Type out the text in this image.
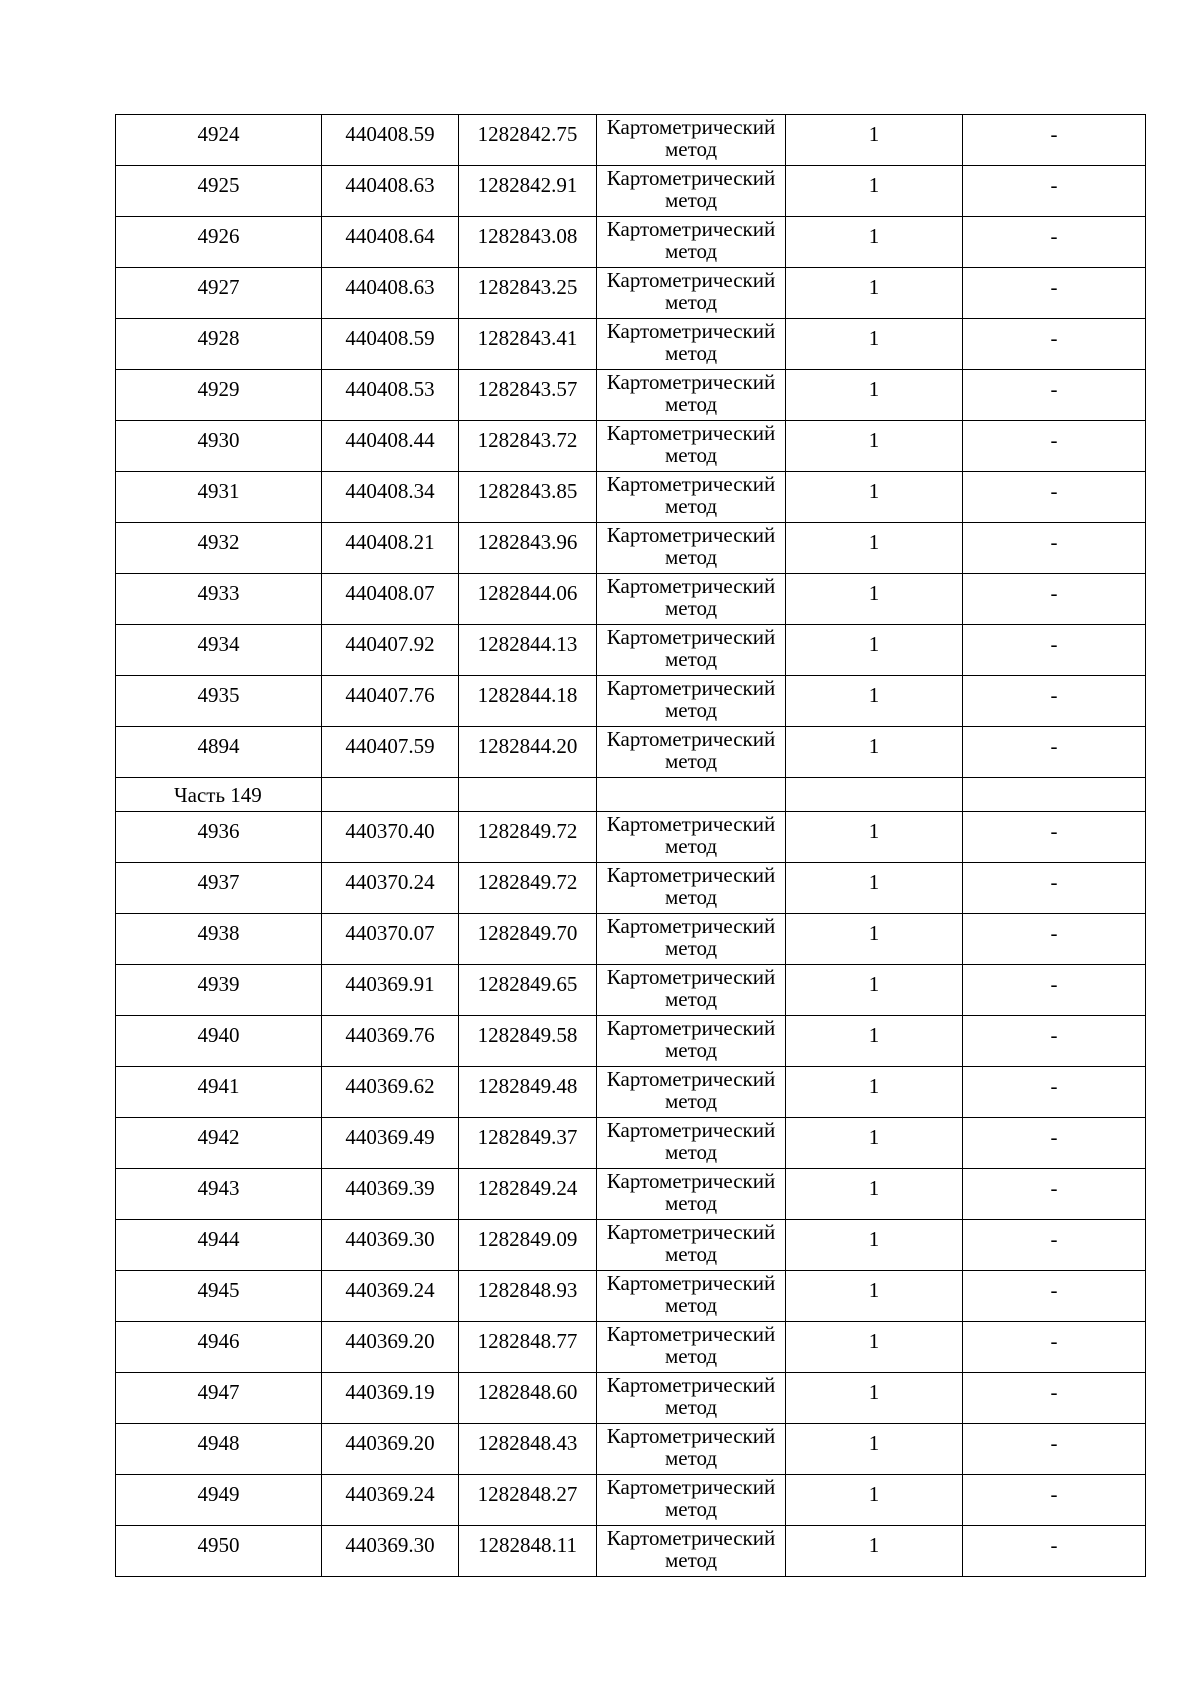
4924	440408.59	1282842.75	Картометрический
метод	1	-
4925	440408.63	1282842.91	Картометрический
метод	1	-
4926	440408.64	1282843.08	Картометрический
метод	1	-
4927	440408.63	1282843.25	Картометрический
метод	1	-
4928	440408.59	1282843.41	Картометрический
метод	1	-
4929	440408.53	1282843.57	Картометрический
метод	1	-
4930	440408.44	1282843.72	Картометрический
метод	1	-
4931	440408.34	1282843.85	Картометрический
метод	1	-
4932	440408.21	1282843.96	Картометрический
метод	1	-
4933	440408.07	1282844.06	Картометрический
метод	1	-
4934	440407.92	1282844.13	Картометрический
метод	1	-
4935	440407.76	1282844.18	Картометрический
метод	1	-
4894	440407.59	1282844.20	Картометрический
метод	1	-
Часть 149					
4936	440370.40	1282849.72	Картометрический
метод	1	-
4937	440370.24	1282849.72	Картометрический
метод	1	-
4938	440370.07	1282849.70	Картометрический
метод	1	-
4939	440369.91	1282849.65	Картометрический
метод	1	-
4940	440369.76	1282849.58	Картометрический
метод	1	-
4941	440369.62	1282849.48	Картометрический
метод	1	-
4942	440369.49	1282849.37	Картометрический
метод	1	-
4943	440369.39	1282849.24	Картометрический
метод	1	-
4944	440369.30	1282849.09	Картометрический
метод	1	-
4945	440369.24	1282848.93	Картометрический
метод	1	-
4946	440369.20	1282848.77	Картометрический
метод	1	-
4947	440369.19	1282848.60	Картометрический
метод	1	-
4948	440369.20	1282848.43	Картометрический
метод	1	-
4949	440369.24	1282848.27	Картометрический
метод	1	-
4950	440369.30	1282848.11	Картометрический
метод	1	-
